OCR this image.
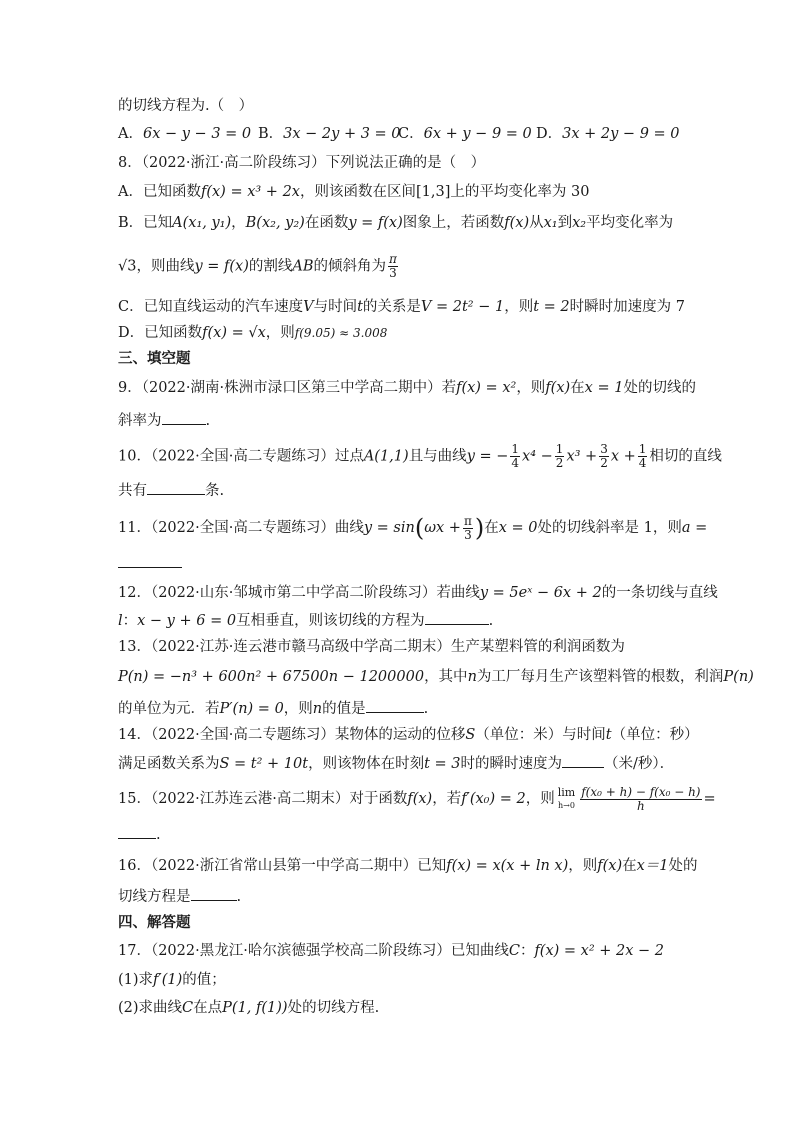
的切线方程为.（　）
A．6x − y − 3 = 0 B．3x − 2y + 3 = 0
C．6x + y − 9 = 0 D．3x + 2y − 9 = 0
8．（2022·浙江·高二阶段练习）下列说法正确的是（　）
A．已知函数f(x) = x³ + 2x，则该函数在区间[1,3]上的平均变化率为 30
B．已知A(x₁, y₁)，B(x₂, y₂)在函数y = f(x)图象上，若函数f(x)从x₁到x₂平均变化率为
√3，则曲线y = f(x)的割线AB的倾斜角为 $\frac{\pi}{3}$
C．已知直线运动的汽车速度V与时间t的关系是V = 2t² − 1，则t = 2时瞬时加速度为 7
D．已知函数f(x) = √x，则f(9.05) ≈ 3.008
三、填空题
9．（2022·湖南·株洲市渌口区第三中学高二期中）若f(x) = x²，则f(x)在x = 1处的切线的
斜率为	.
10．（2022·全国·高二专题练习）过点A(1,1)且与曲线y = − $\frac{1}{4} x^4 - \frac{1}{2} x^3 + \frac{3}{2}$ $x + \frac{1}{4}$ 相切的直线
共有	条.
11．（2022·全国·高二专题练习）曲线$y = \sin(\omega x + \frac{\pi}{3}$ )在x = 0处的切线斜率是 1，则a =
12．（2022·山东·邹城市第二中学高二阶段练习）若曲线y = 5eˣ − 6x + 2的一条切线与直线
l：x − y + 6 = 0互相垂直，则该切线的方程为	.
13．（2022·江苏·连云港市赣马高级中学高二期末）生产某塑料管的利润函数为
P(n) = −n³ + 600n² + 67500n − 1200000，其中n为工厂每月生产该塑料管的根数，利润P(n)
的单位为元．若P′(n) = 0，则n的值是	.
14．（2022·全国·高二专题练习）某物体的运动的位移S（单位：米）与时间t（单位：秒）
满足函数关系为S = t² + 10t，则该物体在时刻t = 3时的瞬时速度为	（米/秒）．
15．（2022·江苏连云港·高二期末）对于函数f(x)，若f′(x₀) = 2，则 lim
$h\to 0 \frac{\text{f(x₀ + h) − f(x₀ − h)}}{h}$ =
.
16．（2022·浙江省常山县第一中学高二期中）已知f(x) = x(x + ln x)，则f(x)在x＝1处的
切线方程是	.
四、解答题
17．（2022·黑龙江·哈尔滨德强学校高二阶段练习）已知曲线C：f(x) = x² + 2x − 2
(1)求f′(1)的值；
(2)求曲线C在点P(1, f(1))处的切线方程.
